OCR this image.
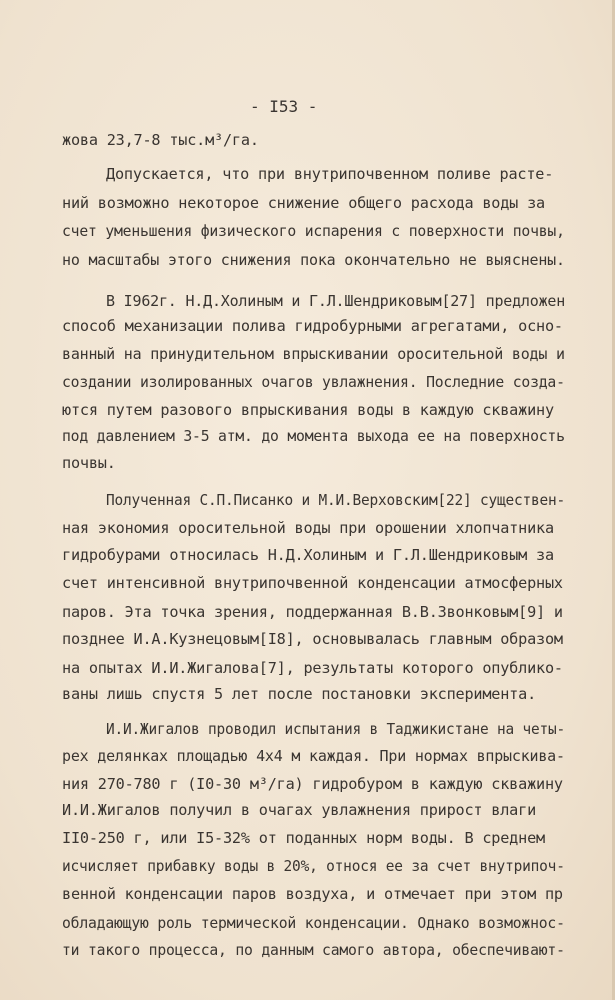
- I53 -
жова 23,7-8 тыс.м³/га.
Допускается, что при внутрипочвенном поливе расте-
ний возможно некоторое снижение общего расхода воды за
счет уменьшения физического испарения с поверхности почвы,
но масштабы этого снижения пока окончательно не выяснены.
В I962г. Н.Д.Холиным и Г.Л.Шендриковым[27] предложен
способ механизации полива гидробурными агрегатами, осно-
ванный на принудительном впрыскивании оросительной воды и
создании изолированных очагов увлажнения. Последние созда-
ются путем разового впрыскивания воды в каждую скважину
под давлением 3-5 атм. до момента выхода ее на поверхность
почвы.
Полученная С.П.Писанко и М.И.Верховским[22] существен-
ная экономия оросительной воды при орошении хлопчатника
гидробурами относилась Н.Д.Холиным и Г.Л.Шендриковым за
счет интенсивной внутрипочвенной конденсации атмосферных
паров. Эта точка зрения, поддержанная В.В.Звонковым[9] и
позднее И.А.Кузнецовым[I8], основывалась главным образом
на опытах И.И.Жигалова[7], результаты которого опублико-
ваны лишь спустя 5 лет после постановки эксперимента.
И.И.Жигалов проводил испытания в Таджикистане на четы-
рех делянках площадью 4x4 м каждая. При нормах впрыскива-
ния 270-780 г (I0-30 м³/га) гидробуром в каждую скважину
И.И.Жигалов получил в очагах увлажнения прирост влаги
II0-250 г, или I5-32% от поданных норм воды. В среднем
исчисляет прибавку воды в 20%, относя ее за счет внутрипоч-
венной конденсации паров воздуха, и отмечает при этом пр
обладающую роль термической конденсации. Однако возможнос-
ти такого процесса, по данным самого автора, обеспечивают-
